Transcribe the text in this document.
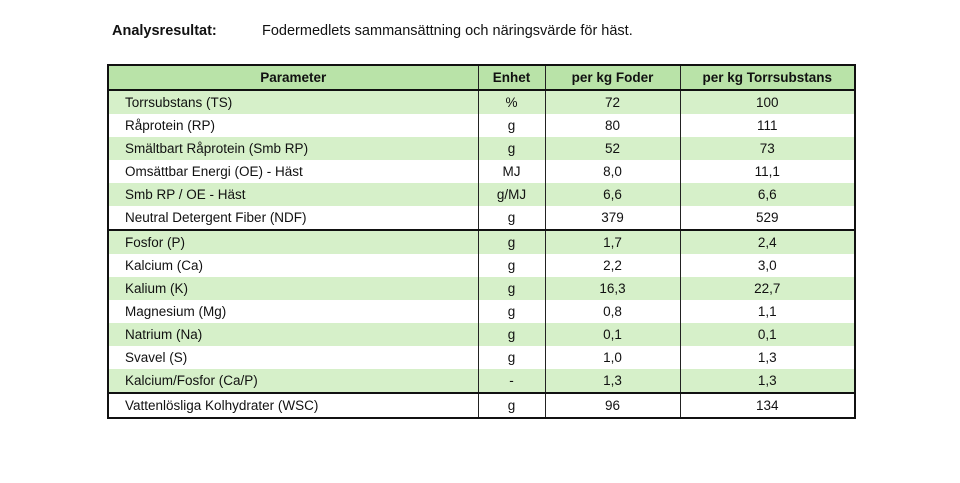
Analysresultat:	Fodermedlets sammansättning och näringsvärde för häst.
Parameter	Enhet	per kg Foder	per kg Torrsubstans
Torrsubstans (TS)	%	72	100
Råprotein (RP)	g	80	111
Smältbart Råprotein (Smb RP)	g	52	73
Omsättbar Energi (OE) - Häst	MJ	8,0	11,1
Smb RP / OE - Häst	g/MJ	6,6	6,6
Neutral Detergent Fiber (NDF)	g	379	529
Fosfor (P)	g	1,7	2,4
Kalcium (Ca)	g	2,2	3,0
Kalium (K)	g	16,3	22,7
Magnesium (Mg)	g	0,8	1,1
Natrium (Na)	g	0,1	0,1
Svavel (S)	g	1,0	1,3
Kalcium/Fosfor (Ca/P)	-	1,3	1,3
Vattenlösliga Kolhydrater (WSC)	g	96	134
